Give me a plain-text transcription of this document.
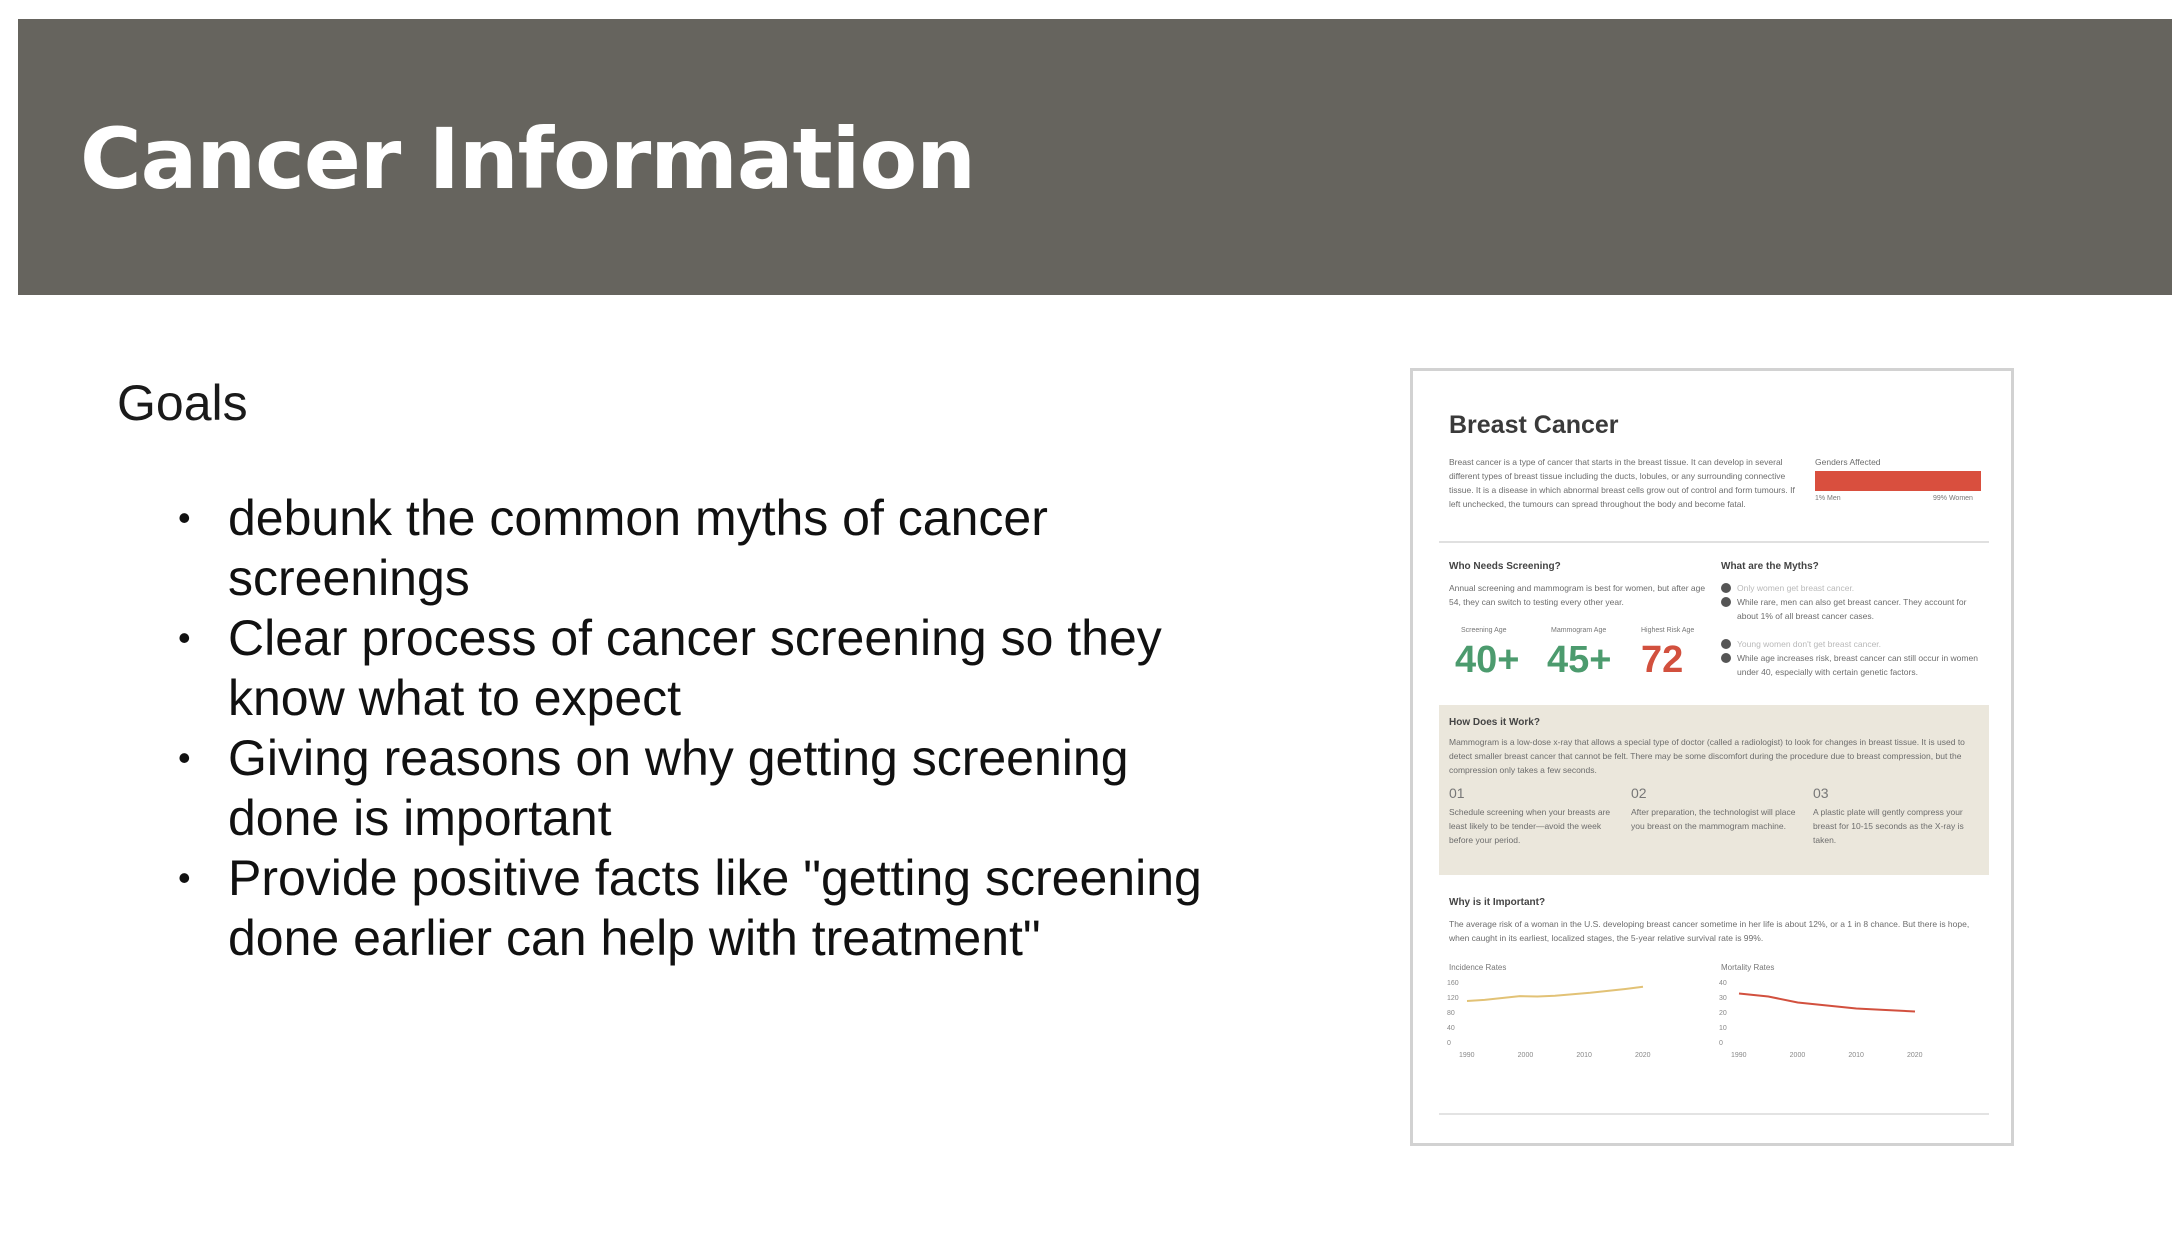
Cancer Information
Goals
• debunk the common myths of cancer
screenings
• Clear process of cancer screening so they
know what to expect
• Giving reasons on why getting screening
done is important
• Provide positive facts like "getting screening
done earlier can help with treatment"
Breast Cancer
Breast cancer is a type of cancer that starts in the breast tissue. It can develop in several different types of breast tissue including the ducts, lobules, or any surrounding connective tissue. It is a disease in which abnormal breast cells grow out of control and form tumours. If left unchecked, the tumours can spread throughout the body and become fatal.
Genders Affected
1% Men	99% Women
Who Needs Screening?
Annual screening and mammogram is best for women, but after age 54, they can switch to testing every other year.
Screening Age
40+
Mammogram Age
45+
Highest Risk Age
72
What are the Myths?
Only women get breast cancer.
While rare, men can also get breast cancer. They account for about 1% of all breast cancer cases.
Young women don't get breast cancer.
While age increases risk, breast cancer can still occur in women under 40, especially with certain genetic factors.
How Does it Work?
Mammogram is a low-dose x-ray that allows a special type of doctor (called a radiologist) to look for changes in breast tissue. It is used to detect smaller breast cancer that cannot be felt. There may be some discomfort during the procedure due to breast compression, but the compression only takes a few seconds.
01
Schedule screening when your breasts are least likely to be tender—avoid the week before your period.
02
After preparation, the technologist will place you breast on the mammogram machine.
03
A plastic plate will gently compress your breast for 10-15 seconds as the X-ray is taken.
Why is it Important?
The average risk of a woman in the U.S. developing breast cancer sometime in her life is about 12%, or a 1 in 8 chance. But there is hope, when caught in its earliest, localized stages, the 5-year relative survival rate is 99%.
Incidence Rates
0
40
80
120
160
1990	2000	2010	2020
Mortality Rates
0
10
20
30
40
1990	2000	2010	2020
